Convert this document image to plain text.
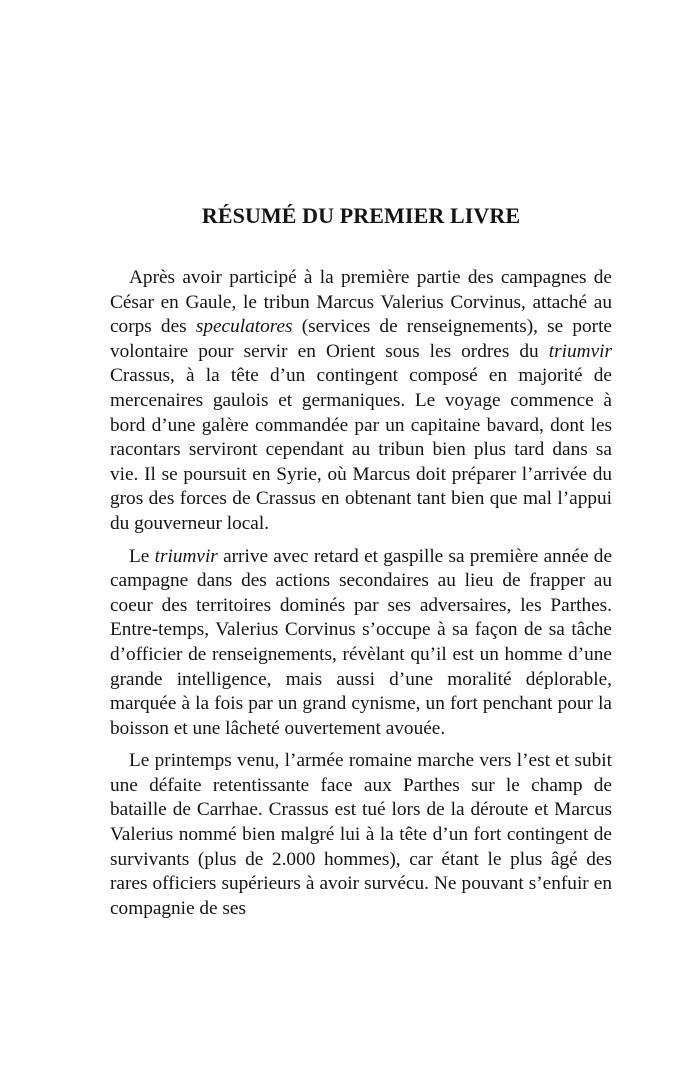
RÉSUMÉ DU PREMIER LIVRE

Après avoir participé à la première partie des campagnes de César en Gaule, le tribun Marcus Valerius Corvinus, attaché au corps des speculatores (services de renseignements), se porte volontaire pour servir en Orient sous les ordres du triumvir Crassus, à la tête d’un contingent composé en majorité de mercenaires gaulois et germaniques. Le voyage commence à bord d’une galère commandée par un capitaine bavard, dont les racontars serviront cependant au tribun bien plus tard dans sa vie. Il se poursuit en Syrie, où Marcus doit préparer l’arrivée du gros des forces de Crassus en obtenant tant bien que mal l’appui du gouverneur local.

Le triumvir arrive avec retard et gaspille sa première année de campagne dans des actions secondaires au lieu de frapper au coeur des territoires dominés par ses adversaires, les Parthes. Entre-temps, Valerius Corvinus s’occupe à sa façon de sa tâche d’officier de renseignements, révèlant qu’il est un homme d’une grande intelligence, mais aussi d’une moralité déplorable, marquée à la fois par un grand cynisme, un fort penchant pour la boisson et une lâcheté ouvertement avouée.

Le printemps venu, l’armée romaine marche vers l’est et subit une défaite retentissante face aux Parthes sur le champ de bataille de Carrhae. Crassus est tué lors de la déroute et Marcus Valerius nommé bien malgré lui à la tête d’un fort contingent de survivants (plus de 2.000 hommes), car étant le plus âgé des rares officiers supérieurs à avoir survécu. Ne pouvant s’enfuir en compagnie de ses
